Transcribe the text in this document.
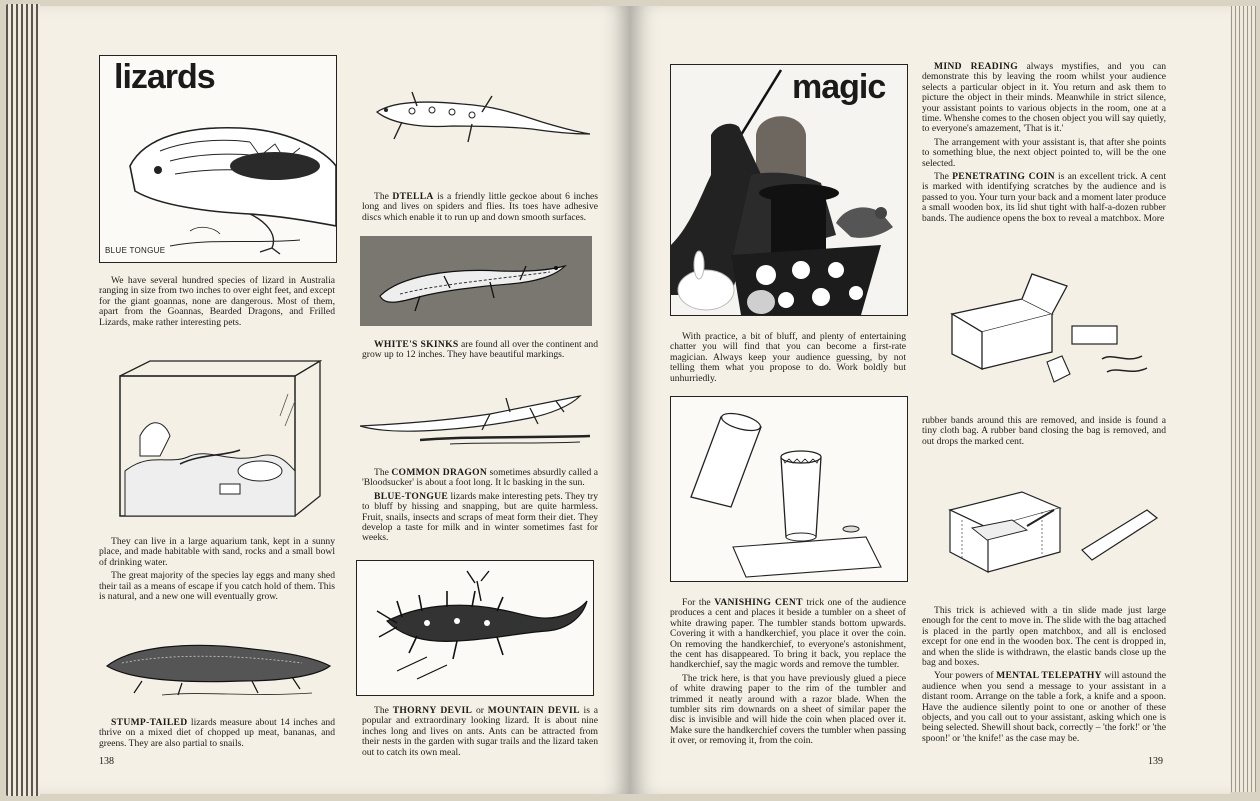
lizards
BLUE TONGUE

We have several hundred species of lizard in Australia ranging in size from two inches to over eight feet, and except for the giant goannas, none are dangerous. Most of them, apart from the Goannas, Bearded Dragons, and Frilled Lizards, make rather interesting pets.

They can live in a large aquarium tank, kept in a sunny place, and made habitable with sand, rocks and a small bowl of drinking water.

The great majority of the species lay eggs and many shed their tail as a means of escape if you catch hold of them. This is natural, and a new one will eventually grow.

STUMP-TAILED lizards measure about 14 inches and thrive on a mixed diet of chopped up meat, bananas, and greens. They are also partial to snails.

138

The DTELLA is a friendly little geckoe about 6 inches long and lives on spiders and flies. Its toes have adhesive discs which enable it to run up and down smooth surfaces.

WHITE'S SKINKS are found all over the continent and grow up to 12 inches. They have beautiful markings.

The COMMON DRAGON sometimes absurdly called a 'Bloodsucker' is about a foot long. It lc basking in the sun.

BLUE-TONGUE lizards make interesting pets. They try to bluff by hissing and snapping, but are quite harmless. Fruit, snails, insects and scraps of meat form their diet. They develop a taste for milk and in winter sometimes fast for weeks.

The THORNY DEVIL or MOUNTAIN DEVIL is a popular and extraordinary looking lizard. It is about nine inches long and lives on ants. Ants can be attracted from their nests in the garden with sugar trails and the lizard taken out to catch its own meal.

magic

MIND READING always mystifies, and you can demonstrate this by leaving the room whilst your audience selects a particular object in it. You return and ask them to picture the object in their minds. Meanwhile in strict silence, your assistant points to various objects in the room, one at a time. Whenshe comes to the chosen object you will say quietly, to everyone's amazement, 'That is it.'

The arrangement with your assistant is, that after she points to something blue, the next object pointed to, will be the one selected.

The PENETRATING COIN is an excellent trick. A cent is marked with identifying scratches by the audience and is passed to you. Your turn your back and a moment later produce a small wooden box, its lid shut tight with half-a-dozen rubber bands. The audience opens the box to reveal a matchbox. More

With practice, a bit of bluff, and plenty of entertaining chatter you will find that you can become a first-rate magician. Always keep your audience guessing, by not telling them what you propose to do. Work boldly but unhurriedly.

rubber bands around this are removed, and inside is found a tiny cloth bag. A rubber band closing the bag is removed, and out drops the marked cent.

For the VANISHING CENT trick one of the audience produces a cent and places it beside a tumbler on a sheet of white drawing paper. The tumbler stands bottom upwards. Covering it with a handkerchief, you place it over the coin. On removing the handkerchief, to everyone's astonishment, the cent has disappeared. To bring it back, you replace the handkerchief, say the magic words and remove the tumbler.

The trick here, is that you have previously glued a piece of white drawing paper to the rim of the tumbler and trimmed it neatly around with a razor blade. When the tumbler sits rim downards on a sheet of similar paper the disc is invisible and will hide the coin when placed over it. Make sure the handkerchief covers the tumbler when passing it over, or removing it, from the coin.

This trick is achieved with a tin slide made just large enough for the cent to move in. The slide with the bag attached is placed in the partly open matchbox, and all is enclosed except for one end in the wooden box. The cent is dropped in, and when the slide is withdrawn, the elastic bands close up the bag and boxes.

Your powers of MENTAL TELEPATHY will astound the audience when you send a message to your assistant in a distant room. Arrange on the table a fork, a knife and a spoon. Have the audience silently point to one or another of these objects, and you call out to your assistant, asking which one is being selected. Shewill shout back, correctly – 'the fork!' or 'the spoon!' or 'the knife!' as the case may be.

139
